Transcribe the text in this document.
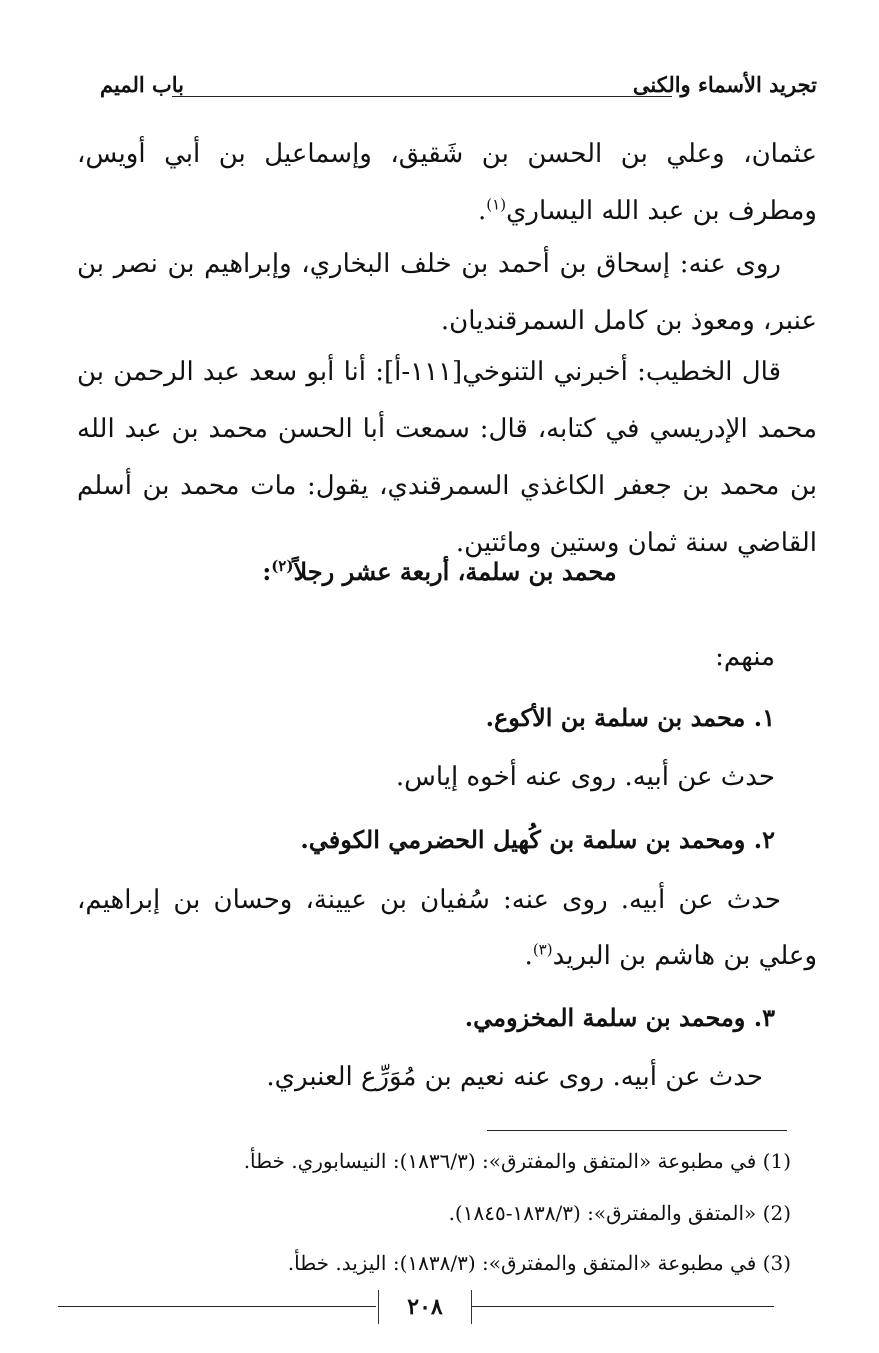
تجريد الأسماء والكنى
باب الميم
عثمان، وعلي بن الحسن بن شَقيق، وإسماعيل بن أبي أويس، ومطرف بن عبد الله اليساري$^{(١)}$.
روى عنه: إسحاق بن أحمد بن خلف البخاري، وإبراهيم بن نصر بن عنبر، ومعوذ بن كامل السمرقنديان.
قال الخطيب: أخبرني التنوخي[١١١-أ]: أنا أبو سعد عبد الرحمن بن محمد الإدريسي في كتابه، قال: سمعت أبا الحسن محمد بن عبد الله بن محمد بن جعفر الكاغذي السمرقندي، يقول: مات محمد بن أسلم القاضي سنة ثمان وستين ومائتين.
محمد بن سلمة، أربعة عشر رجلاً$^{(٢)}$:
منهم:
١. محمد بن سلمة بن الأكوع.
حدث عن أبيه. روى عنه أخوه إياس.
٢. ومحمد بن سلمة بن كُهيل الحضرمي الكوفي.
حدث عن أبيه. روى عنه: سُفيان بن عيينة، وحسان بن إبراهيم، وعلي بن هاشم بن البريد$^{(٣)}$.
٣. ومحمد بن سلمة المخزومي.
حدث عن أبيه. روى عنه نعيم بن مُوَرِّع العنبري.
(1) في مطبوعة «المتفق والمفترق»: (١٨٣٦/٣): النيسابوري. خطأ.
(2) «المتفق والمفترق»: (١٨٣٨/٣-١٨٤٥).
(3) في مطبوعة «المتفق والمفترق»: (١٨٣٨/٣): اليزيد. خطأ.
٢٠٨
